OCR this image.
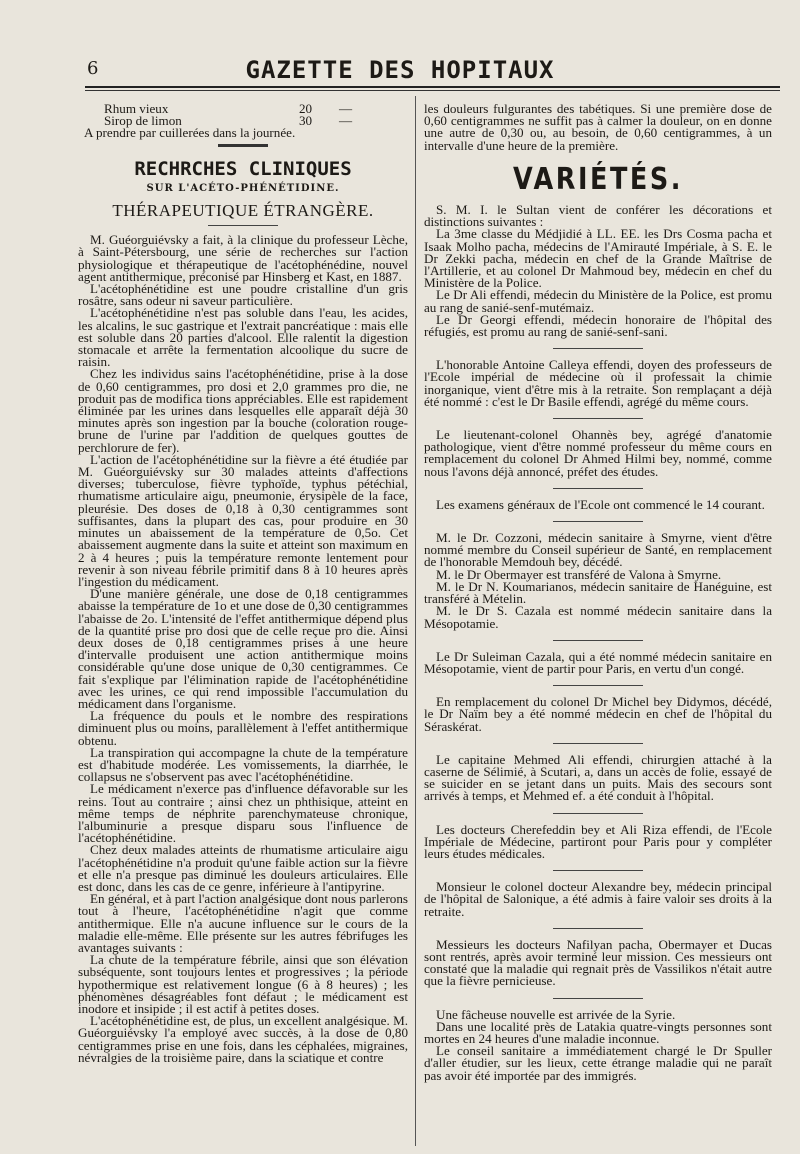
6	GAZETTE DES HOPITAUX
Rhum vieux	20	—
Sirop de limon	30	—

A prendre par cuillerées dans la journée.

RECHRCHES CLINIQUES
SUR L'ACÉTO-PHÉNÉTIDINE.
THÉRAPEUTIQUE ÉTRANGÈRE.

M. Guéorguiévsky a fait, à la clinique du professeur Lèche, à Saint-Pétersbourg, une série de recherches sur l'action physiologique et thérapeutique de l'acétophénédine, nouvel agent antithermique, préconisé par Hinsberg et Kast, en 1887.

L'acétophénétidine est une poudre cristalline d'un gris rosâtre, sans odeur ni saveur particulière.

L'acétophénétidine n'est pas soluble dans l'eau, les acides, les alcalins, le suc gastrique et l'extrait pancréatique : mais elle est soluble dans 20 parties d'alcool. Elle ralentit la digestion stomacale et arrête la fermentation alcoolique du sucre de raisin.

Chez les individus sains l'acétophénétidine, prise à la dose de 0,60 centigrammes, pro dosi et 2,0 grammes pro die, ne produit pas de modifica tions appréciables. Elle est rapidement éliminée par les urines dans lesquelles elle apparaît déjà 30 minutes après son ingestion par la bouche (coloration rouge-brune de l'urine par l'addition de quelques gouttes de perchlorure de fer).

L'action de l'acétophénétidine sur la fièvre a été étudiée par M. Guéorguiévsky sur 30 malades atteints d'affections diverses; tuberculose, fièvre typhoïde, typhus pétéchial, rhumatisme articulaire aigu, pneumonie, érysipèle de la face, pleurésie. Des doses de 0,18 à 0,30 centigrammes sont suffisantes, dans la plupart des cas, pour produire en 30 minutes un abaissement de la température de 0,5o. Cet abaissement augmente dans la suite et atteint son maximum en 2 à 4 heures ; puis la température remonte lentement pour revenir à son niveau fébrile primitif dans 8 à 10 heures après l'ingestion du médicament.

D'une manière générale, une dose de 0,18 centigrammes abaisse la température de 1o et une dose de 0,30 centigrammes l'abaisse de 2o. L'intensité de l'effet antithermique dépend plus de la quantité prise pro dosi que de celle reçue pro die. Ainsi deux doses de 0,18 centigrammes prises à une heure d'intervalle produisent une action antithermique moins considérable qu'une dose unique de 0,30 centigrammes. Ce fait s'explique par l'élimination rapide de l'acétophénétidine avec les urines, ce qui rend impossible l'accumulation du médicament dans l'organisme.

La fréquence du pouls et le nombre des respirations diminuent plus ou moins, parallèlement à l'effet antithermique obtenu.

La transpiration qui accompagne la chute de la température est d'habitude modérée. Les vomissements, la diarrhée, le collapsus ne s'observent pas avec l'acétophénétidine.

Le médicament n'exerce pas d'influence défavorable sur les reins. Tout au contraire ; ainsi chez un phthisique, atteint en même temps de néphrite parenchymateuse chronique, l'albuminurie a presque disparu sous l'influence de l'acétophénétidine.

Chez deux malades atteints de rhumatisme articulaire aigu l'acétophénétidine n'a produit qu'une faible action sur la fièvre et elle n'a presque pas diminué les douleurs articulaires. Elle est donc, dans les cas de ce genre, inférieure à l'antipyrine.

En général, et à part l'action analgésique dont nous parlerons tout à l'heure, l'acétophénétidine n'agit que comme antithermique. Elle n'a aucune influence sur le cours de la maladie elle-même. Elle présente sur les autres fébrifuges les avantages suivants :

La chute de la température fébrile, ainsi que son élévation subséquente, sont toujours lentes et progressives ; la période hypothermique est relativement longue (6 à 8 heures) ; les phénomènes désagréables font défaut ; le médicament est inodore et insipide ; il est actif à petites doses.

L'acétophénétidine est, de plus, un excellent analgésique. M. Guéorguiévsky l'a employé avec succès, à la dose de 0,80 centigrammes prise en une fois, dans les céphalées, migraines, névralgies de la troisième paire, dans la sciatique et contre

les douleurs fulgurantes des tabétiques. Si une première dose de 0,60 centigrammes ne suffit pas à calmer la douleur, on en donne une autre de 0,30 ou, au besoin, de 0,60 centigrammes, à un intervalle d'une heure de la première.

VARIÉTÉS.

S. M. I. le Sultan vient de conférer les décorations et distinctions suivantes :

La 3me classe du Médjidié à LL. EE. les Drs Cosma pacha et Isaak Molho pacha, médecins de l'Amirauté Impériale, à S. E. le Dr Zekki pacha, médecin en chef de la Grande Maîtrise de l'Artillerie, et au colonel Dr Mahmoud bey, médecin en chef du Ministère de la Police.

Le Dr Ali effendi, médecin du Ministère de la Police, est promu au rang de sanié-senf-mutémaiz.

Le Dr Georgi effendi, médecin honoraire de l'hôpital des réfugiés, est promu au rang de sanié-senf-sani.

L'honorable Antoine Calleya effendi, doyen des professeurs de l'Ecole impérial de médecine où il professait la chimie inorganique, vient d'être mis à la retraite. Son remplaçant a déjà été nommé : c'est le Dr Basile effendi, agrégé du même cours.

Le lieutenant-colonel Ohannès bey, agrégé d'anatomie pathologique, vient d'être nommé professeur du même cours en remplacement du colonel Dr Ahmed Hilmi bey, nommé, comme nous l'avons déjà annoncé, préfet des études.

Les examens généraux de l'Ecole ont commencé le 14 courant.

M. le Dr. Cozzoni, médecin sanitaire à Smyrne, vient d'être nommé membre du Conseil supérieur de Santé, en remplacement de l'honorable Memdouh bey, décédé.

M. le Dr Obermayer est transféré de Valona à Smyrne.

M. le Dr N. Koumarianos, médecin sanitaire de Hanéguine, est transféré à Mételin.

M. le Dr S. Cazala est nommé médecin sanitaire dans la Mésopotamie.

Le Dr Suleiman Cazala, qui a été nommé médecin sanitaire en Mésopotamie, vient de partir pour Paris, en vertu d'un congé.

En remplacement du colonel Dr Michel bey Didymos, décédé, le Dr Naïm bey a été nommé médecin en chef de l'hôpital du Séraskérat.

Le capitaine Mehmed Ali effendi, chirurgien attaché à la caserne de Sélimié, à Scutari, a, dans un accès de folie, essayé de se suicider en se jetant dans un puits. Mais des secours sont arrivés à temps, et Mehmed ef. a été conduit à l'hôpital.

Les docteurs Cherefeddin bey et Ali Riza effendi, de l'Ecole Impériale de Médecine, partiront pour Paris pour y compléter leurs études médicales.

Monsieur le colonel docteur Alexandre bey, médecin principal de l'hôpital de Salonique, a été admis à faire valoir ses droits à la retraite.

Messieurs les docteurs Nafilyan pacha, Obermayer et Ducas sont rentrés, après avoir terminé leur mission. Ces messieurs ont constaté que la maladie qui regnait près de Vassilikos n'était autre que la fièvre pernicieuse.

Une fâcheuse nouvelle est arrivée de la Syrie.

Dans une localité près de Latakia quatre-vingts personnes sont mortes en 24 heures d'une maladie inconnue.

Le conseil sanitaire a immédiatement chargé le Dr Spuller d'aller étudier, sur les lieux, cette étrange maladie qui ne paraît pas avoir été importée par des immigrés.
